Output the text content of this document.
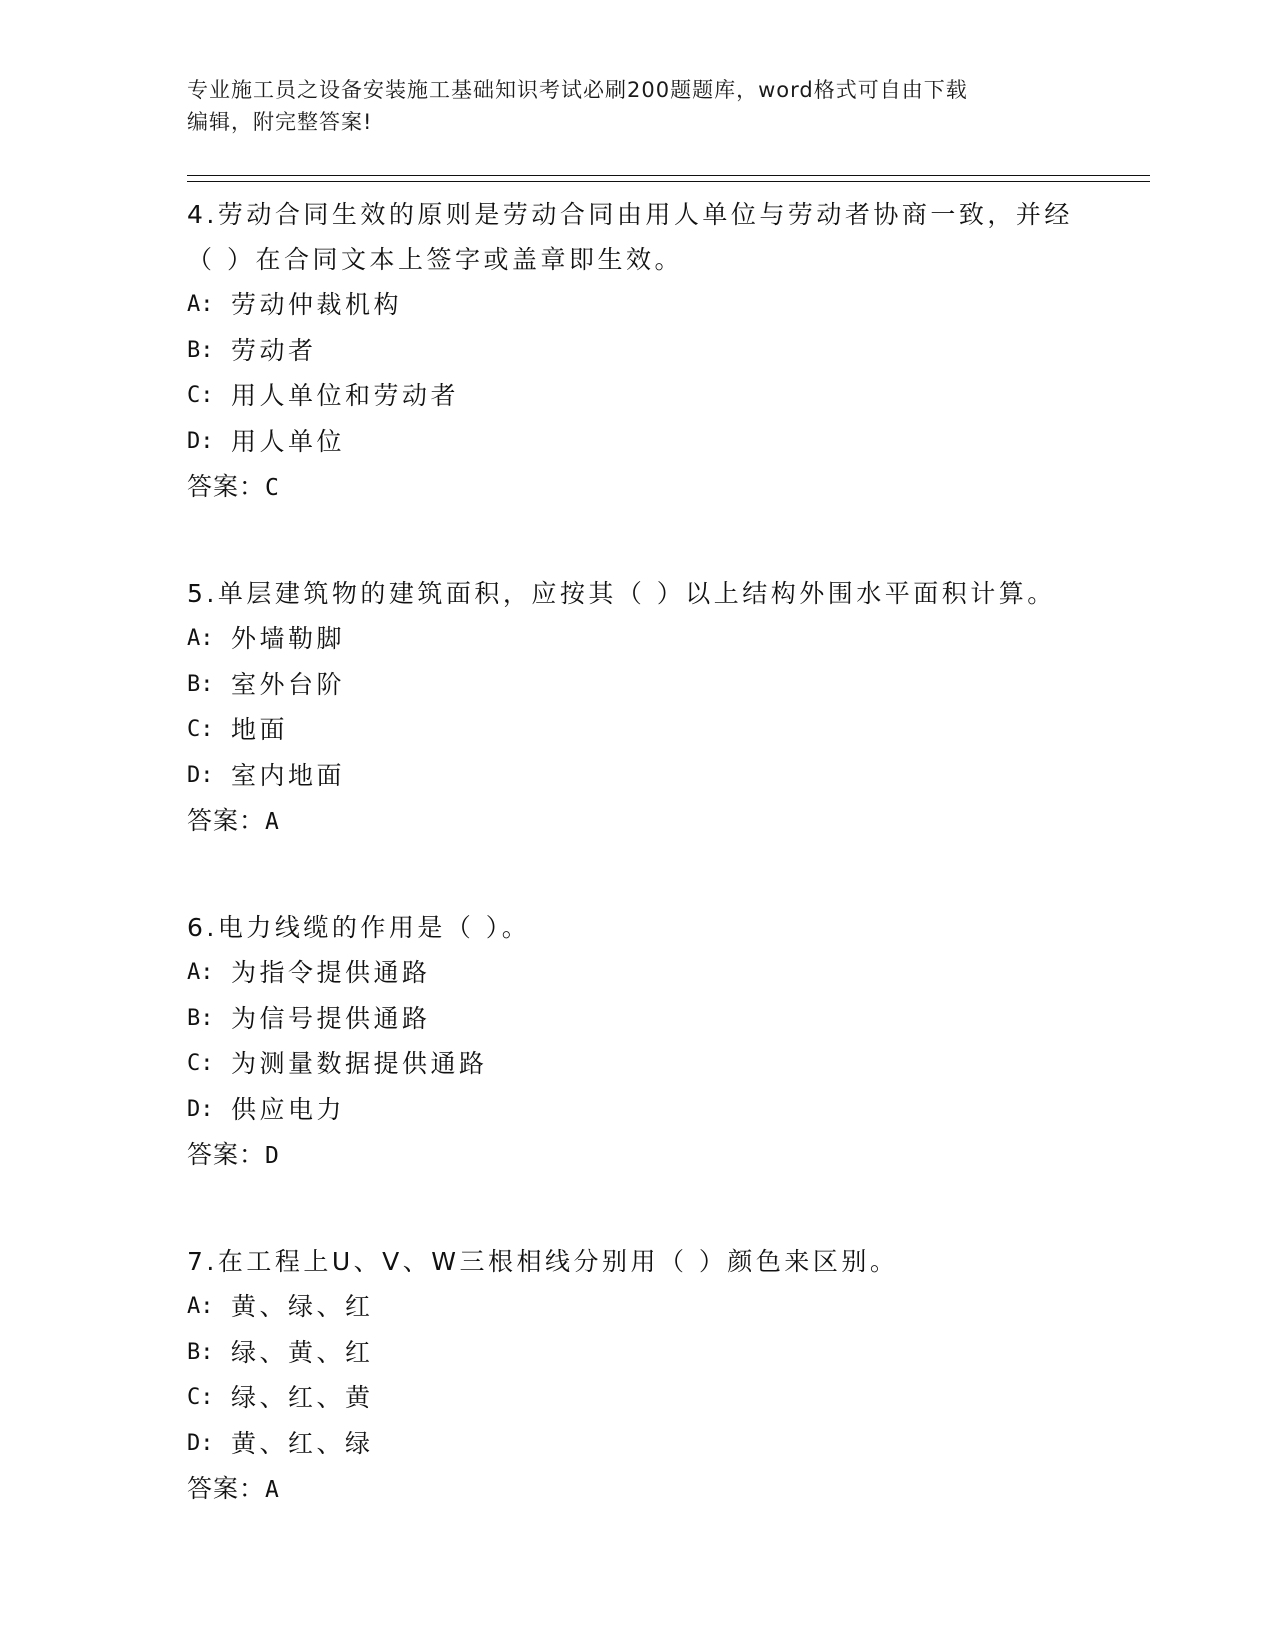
专业施工员之设备安装施工基础知识考试必刷200题题库，word格式可自由下载
编辑，附完整答案!

4.劳动合同生效的原则是劳动合同由用人单位与劳动者协商一致，并经（ ）在合同文本上签字或盖章即生效。

A: 劳动仲裁机构
B: 劳动者
C: 用人单位和劳动者
D: 用人单位
答案：C

5.单层建筑物的建筑面积，应按其（ ）以上结构外围水平面积计算。

A: 外墙勒脚
B: 室外台阶
C: 地面
D: 室内地面
答案：A

6.电力线缆的作用是（ ）。

A: 为指令提供通路
B: 为信号提供通路
C: 为测量数据提供通路
D: 供应电力
答案：D

7.在工程上U、V、W三根相线分别用（ ）颜色来区别。

A: 黄、绿、红
B: 绿、黄、红
C: 绿、红、黄
D: 黄、红、绿
答案：A
